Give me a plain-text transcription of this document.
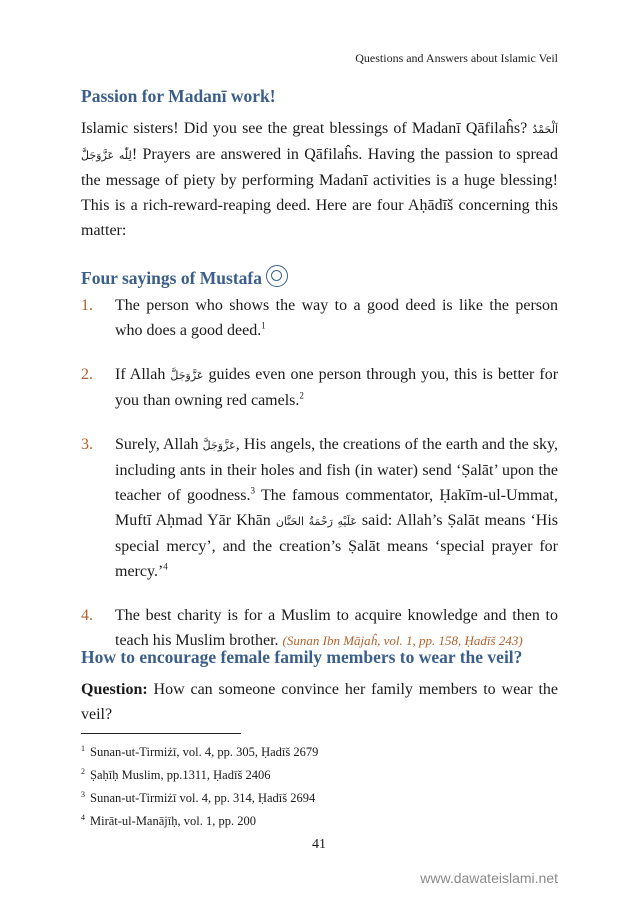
Questions and Answers about Islamic Veil
Passion for Madanī work!

Islamic sisters! Did you see the great blessings of Madanī Qāfilaĥs? اَلْحَمْدُ لِلّٰه عَزَّوَجَلَّ! Prayers are answered in Qāfilaĥs. Having the passion to spread the message of piety by performing Madanī activities is a huge blessing! This is a rich-reward-reaping deed. Here are four Aḥādīš concerning this matter:

Four sayings of Mustafa
1. The person who shows the way to a good deed is like the person who does a good deed.$^1$
2. If Allah عَزَّوَجَلَّ guides even one person through you, this is better for you than owning red camels.$^2$
3. Surely, Allah عَزَّوَجَلَّ, His angels, the creations of the earth and the sky, including ants in their holes and fish (in water) send ‘Ṣalāt’ upon the teacher of goodness.$^3$ The famous commentator, Ḥakīm-ul-Ummat, Muftī Aḥmad Yār Khān عَلَيْهِ رَحْمَةُ الحَنَّان said: Allah’s Ṣalāt means ‘His special mercy’, and the creation’s Ṣalāt means ‘special prayer for mercy.’$^4$
4. The best charity is for a Muslim to acquire knowledge and then to teach his Muslim brother. (Sunan Ibn Mājaĥ, vol. 1, pp. 158, Ḥadīš 243)
How to encourage female family members to wear the veil?

Question: How can someone convince her family members to wear the veil?

$^1$ Sunan-ut-Tirmiżī, vol. 4, pp. 305, Ḥadīš 2679
$^2$ Ṣaḥīḥ Muslim, pp.1311, Ḥadīš 2406
$^3$ Sunan-ut-Tirmiżī vol. 4, pp. 314, Ḥadīš 2694
$^4$ Mirāt-ul-Manājīḥ, vol. 1, pp. 200
41
www.dawateislami.net
